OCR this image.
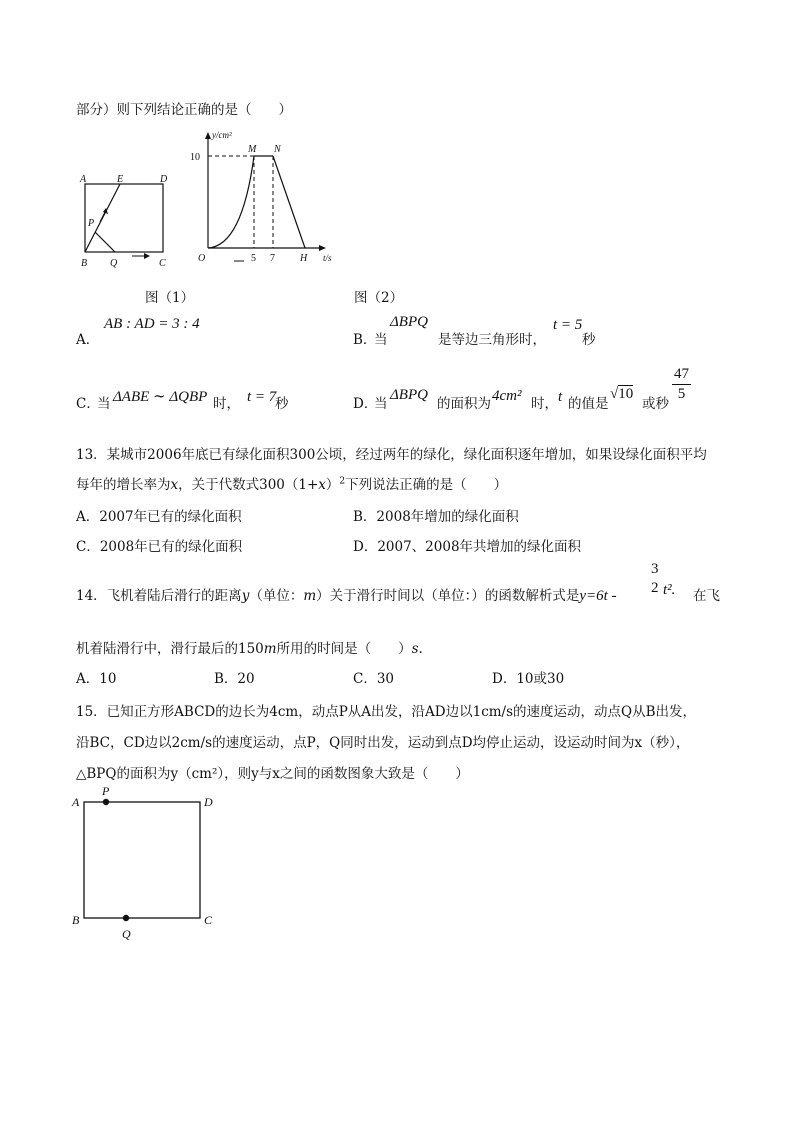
部分）则下列结论正确的是（　　）
A	E	D
P
B Q	C
图（1）
y/cm²
10
M N
O	5 7	H t/s
图（2）
A．
AB : AD = 3 : 4
B．
当
ΔBPQ
是等边三角形时，
t = 5
秒
C．
当 ΔABE ∼ ΔQBP 时， t = 7
秒	D．
当
ΔBPQ
的面积为 4cm² 时， t 的值是
√10
或秒
$\frac{47}{5}$
13．某城市2006年底已有绿化面积300公顷，经过两年的绿化，绿化面积逐年增加，如果设绿化面积平均
每年的增长率为x，关于代数式$300(1+x)^2$下列说法正确的是（　　）
A．2007年已有的绿化面积	B．2008年增加的绿化面积
C．2008年已有的绿化面积	D．2007、2008年共增加的绿化面积
14．飞机着陆后滑行的距离y（单位：m）关于滑行时间以（单位：）的函数解析式是y=6t -
3
2 t². 在飞
机着陆滑行中，滑行最后的150m所用的时间是（　　）s.
A．10	B．20	C．30	D．10或30
15．已知正方形ABCD的边长为4cm，动点P从A出发，沿AD边以1cm/s的速度运动，动点Q从B出发，
沿BC，CD边以2cm/s的速度运动，点P，Q同时出发，运动到点D均停止运动，设运动时间为x（秒），
△BPQ的面积为y（cm²），则y与x之间的函数图象大致是（　　）
A
P
D
B
Q
C
